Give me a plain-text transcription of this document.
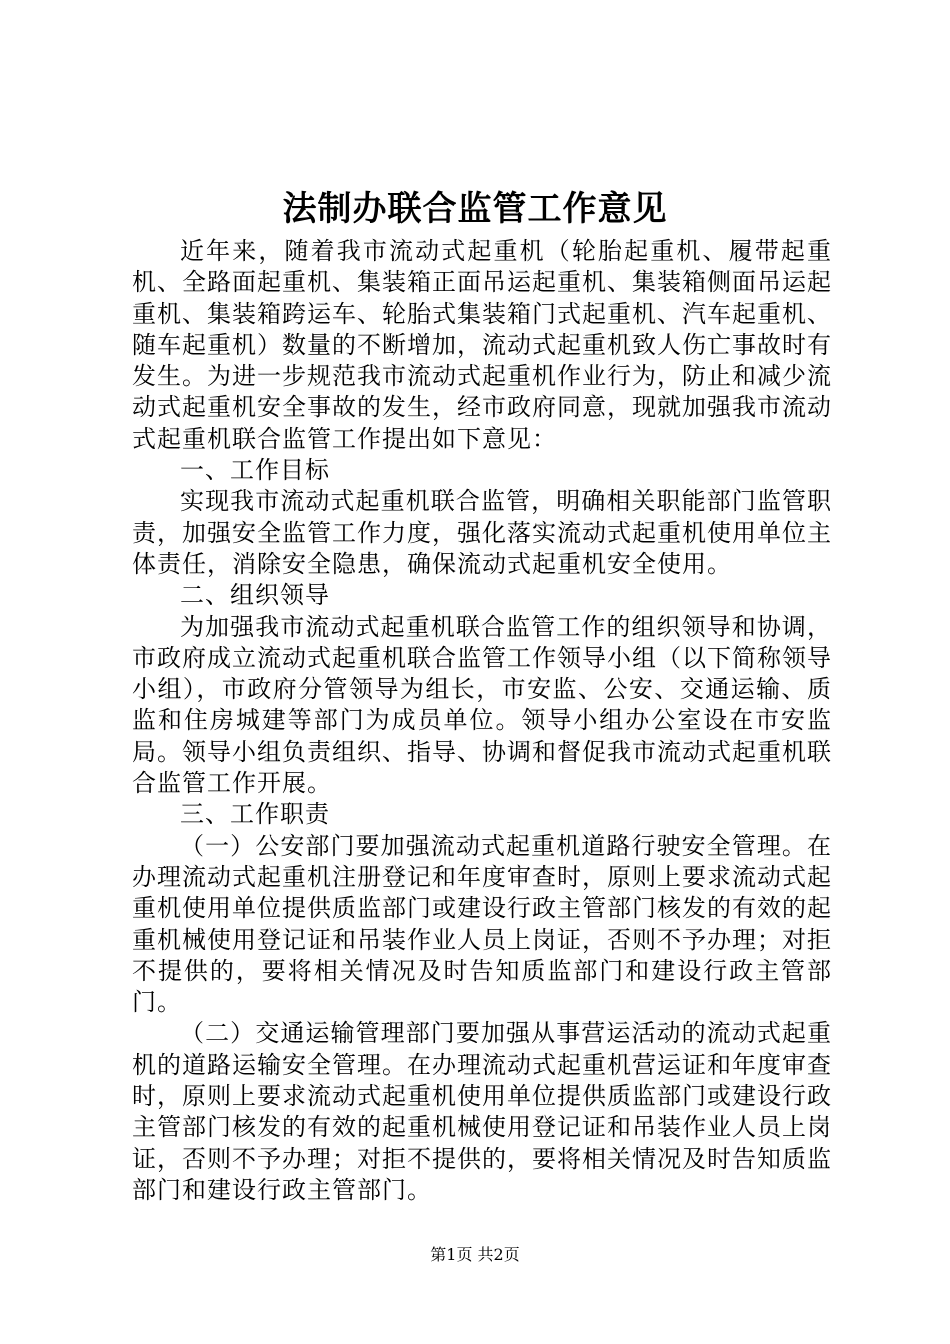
法制办联合监管工作意见

近年来，随着我市流动式起重机（轮胎起重机、履带起重机、全路面起重机、集装箱正面吊运起重机、集装箱侧面吊运起重机、集装箱跨运车、轮胎式集装箱门式起重机、汽车起重机、随车起重机）数量的不断增加，流动式起重机致人伤亡事故时有发生。为进一步规范我市流动式起重机作业行为，防止和减少流动式起重机安全事故的发生，经市政府同意，现就加强我市流动式起重机联合监管工作提出如下意见：

一、工作目标

实现我市流动式起重机联合监管，明确相关职能部门监管职责，加强安全监管工作力度，强化落实流动式起重机使用单位主体责任，消除安全隐患，确保流动式起重机安全使用。

二、组织领导

为加强我市流动式起重机联合监管工作的组织领导和协调，市政府成立流动式起重机联合监管工作领导小组（以下简称领导小组），市政府分管领导为组长，市安监、公安、交通运输、质监和住房城建等部门为成员单位。领导小组办公室设在市安监局。领导小组负责组织、指导、协调和督促我市流动式起重机联合监管工作开展。

三、工作职责

（一）公安部门要加强流动式起重机道路行驶安全管理。在办理流动式起重机注册登记和年度审查时，原则上要求流动式起重机使用单位提供质监部门或建设行政主管部门核发的有效的起重机械使用登记证和吊装作业人员上岗证，否则不予办理；对拒不提供的，要将相关情况及时告知质监部门和建设行政主管部门。

（二）交通运输管理部门要加强从事营运活动的流动式起重机的道路运输安全管理。在办理流动式起重机营运证和年度审查时，原则上要求流动式起重机使用单位提供质监部门或建设行政主管部门核发的有效的起重机械使用登记证和吊装作业人员上岗证，否则不予办理；对拒不提供的，要将相关情况及时告知质监部门和建设行政主管部门。

第1页 共2页
